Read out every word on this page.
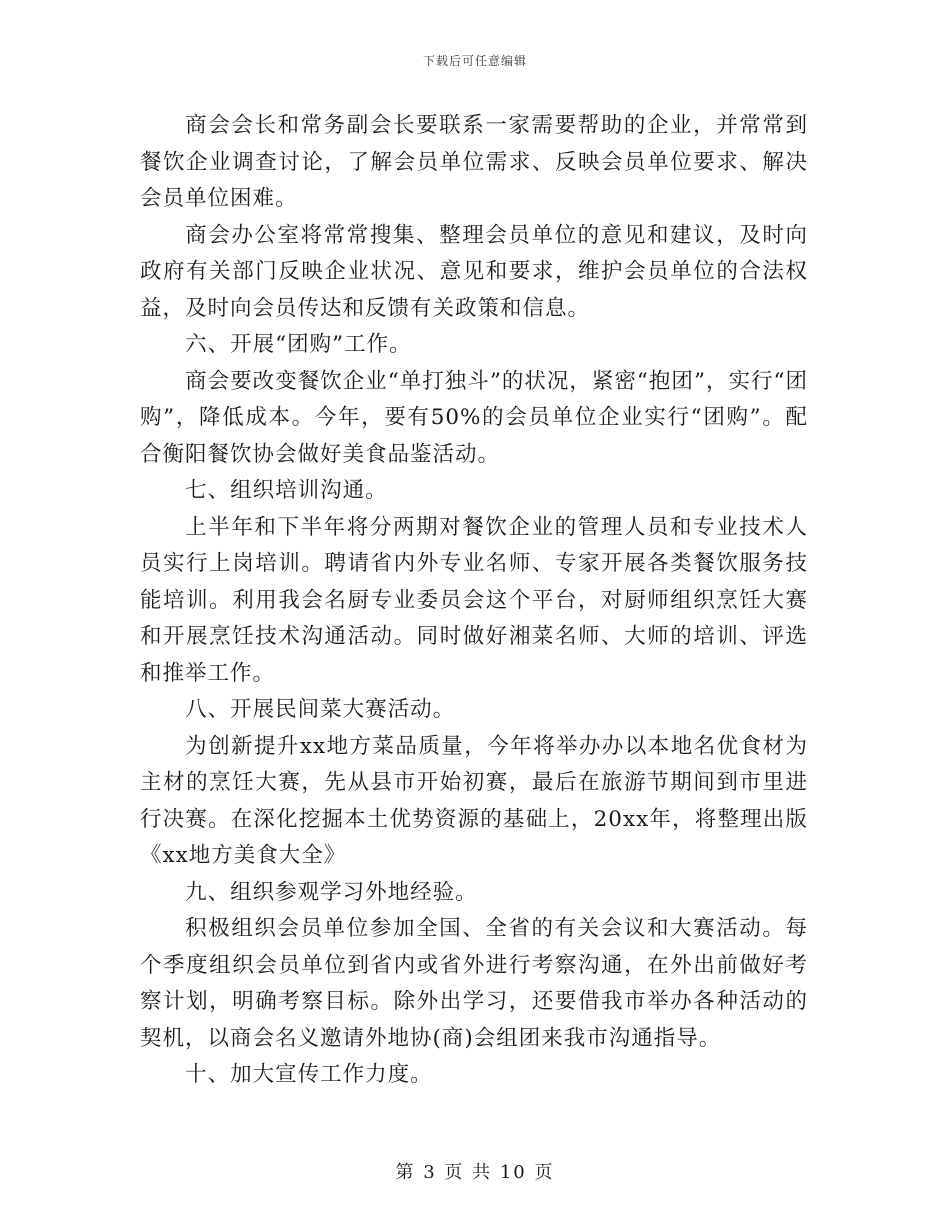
下载后可任意编辑

商会会长和常务副会长要联系一家需要帮助的企业，并常常到餐饮企业调查讨论，了解会员单位需求、反映会员单位要求、解决会员单位困难。

商会办公室将常常搜集、整理会员单位的意见和建议，及时向政府有关部门反映企业状况、意见和要求，维护会员单位的合法权益，及时向会员传达和反馈有关政策和信息。

六、开展“团购”工作。

商会要改变餐饮企业“单打独斗”的状况，紧密“抱团”，实行“团购”，降低成本。今年，要有50%的会员单位企业实行“团购”。配合衡阳餐饮协会做好美食品鉴活动。

七、组织培训沟通。

上半年和下半年将分两期对餐饮企业的管理人员和专业技术人员实行上岗培训。聘请省内外专业名师、专家开展各类餐饮服务技能培训。利用我会名厨专业委员会这个平台，对厨师组织烹饪大赛和开展烹饪技术沟通活动。同时做好湘菜名师、大师的培训、评选和推举工作。

八、开展民间菜大赛活动。

为创新提升xx地方菜品质量，今年将举办办以本地名优食材为主材的烹饪大赛，先从县市开始初赛，最后在旅游节期间到市里进行决赛。在深化挖掘本土优势资源的基础上，20xx年，将整理出版《xx地方美食大全》

九、组织参观学习外地经验。

积极组织会员单位参加全国、全省的有关会议和大赛活动。每个季度组织会员单位到省内或省外进行考察沟通，在外出前做好考察计划，明确考察目标。除外出学习，还要借我市举办各种活动的契机，以商会名义邀请外地协(商)会组团来我市沟通指导。

十、加大宣传工作力度。

第 3 页 共 10 页
